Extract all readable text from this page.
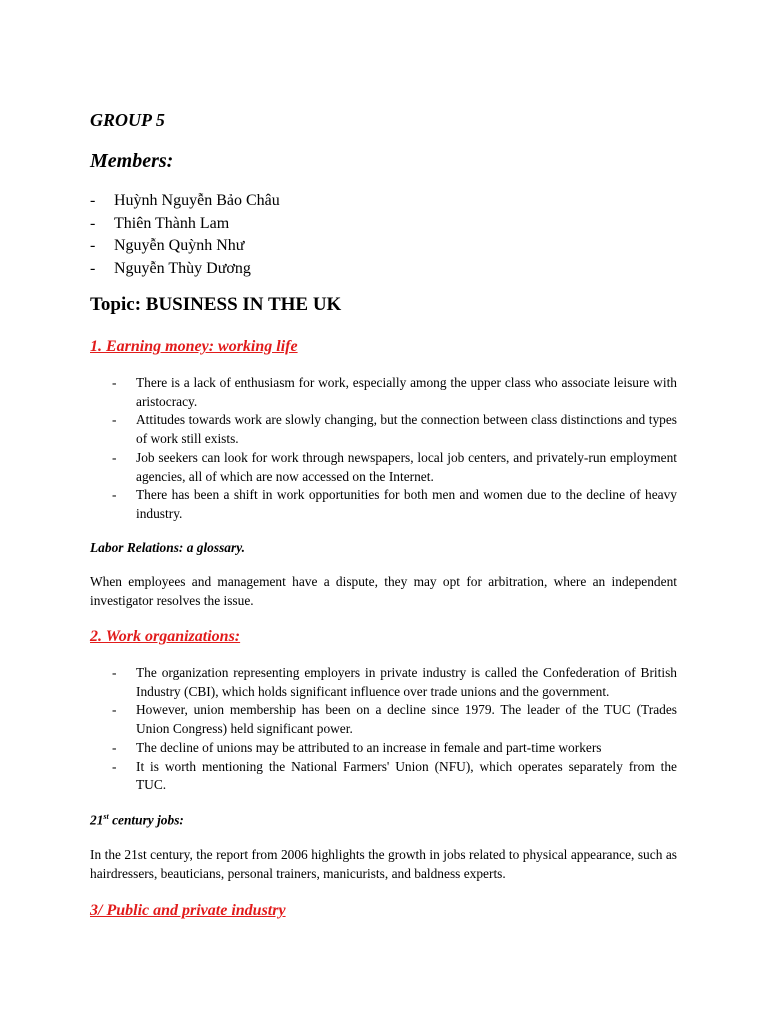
GROUP 5

Members:

- Huỳnh Nguyễn Bảo Châu
- Thiên Thành Lam
- Nguyễn Quỳnh Như
- Nguyễn Thùy Dương

Topic: BUSINESS IN THE UK

1. Earning money: working life

- There is a lack of enthusiasm for work, especially among the upper class who associate leisure with aristocracy.
- Attitudes towards work are slowly changing, but the connection between class distinctions and types of work still exists.
- Job seekers can look for work through newspapers, local job centers, and privately-run employment agencies, all of which are now accessed on the Internet.
- There has been a shift in work opportunities for both men and women due to the decline of heavy industry.

Labor Relations: a glossary.

When employees and management have a dispute, they may opt for arbitration, where an independent investigator resolves the issue.

2. Work organizations:

- The organization representing employers in private industry is called the Confederation of British Industry (CBI), which holds significant influence over trade unions and the government.
- However, union membership has been on a decline since 1979. The leader of the TUC (Trades Union Congress) held significant power.
- The decline of unions may be attributed to an increase in female and part-time workers
- It is worth mentioning the National Farmers' Union (NFU), which operates separately from the TUC.

21st century jobs:

In the 21st century, the report from 2006 highlights the growth in jobs related to physical appearance, such as hairdressers, beauticians, personal trainers, manicurists, and baldness experts.

3/ Public and private industry
